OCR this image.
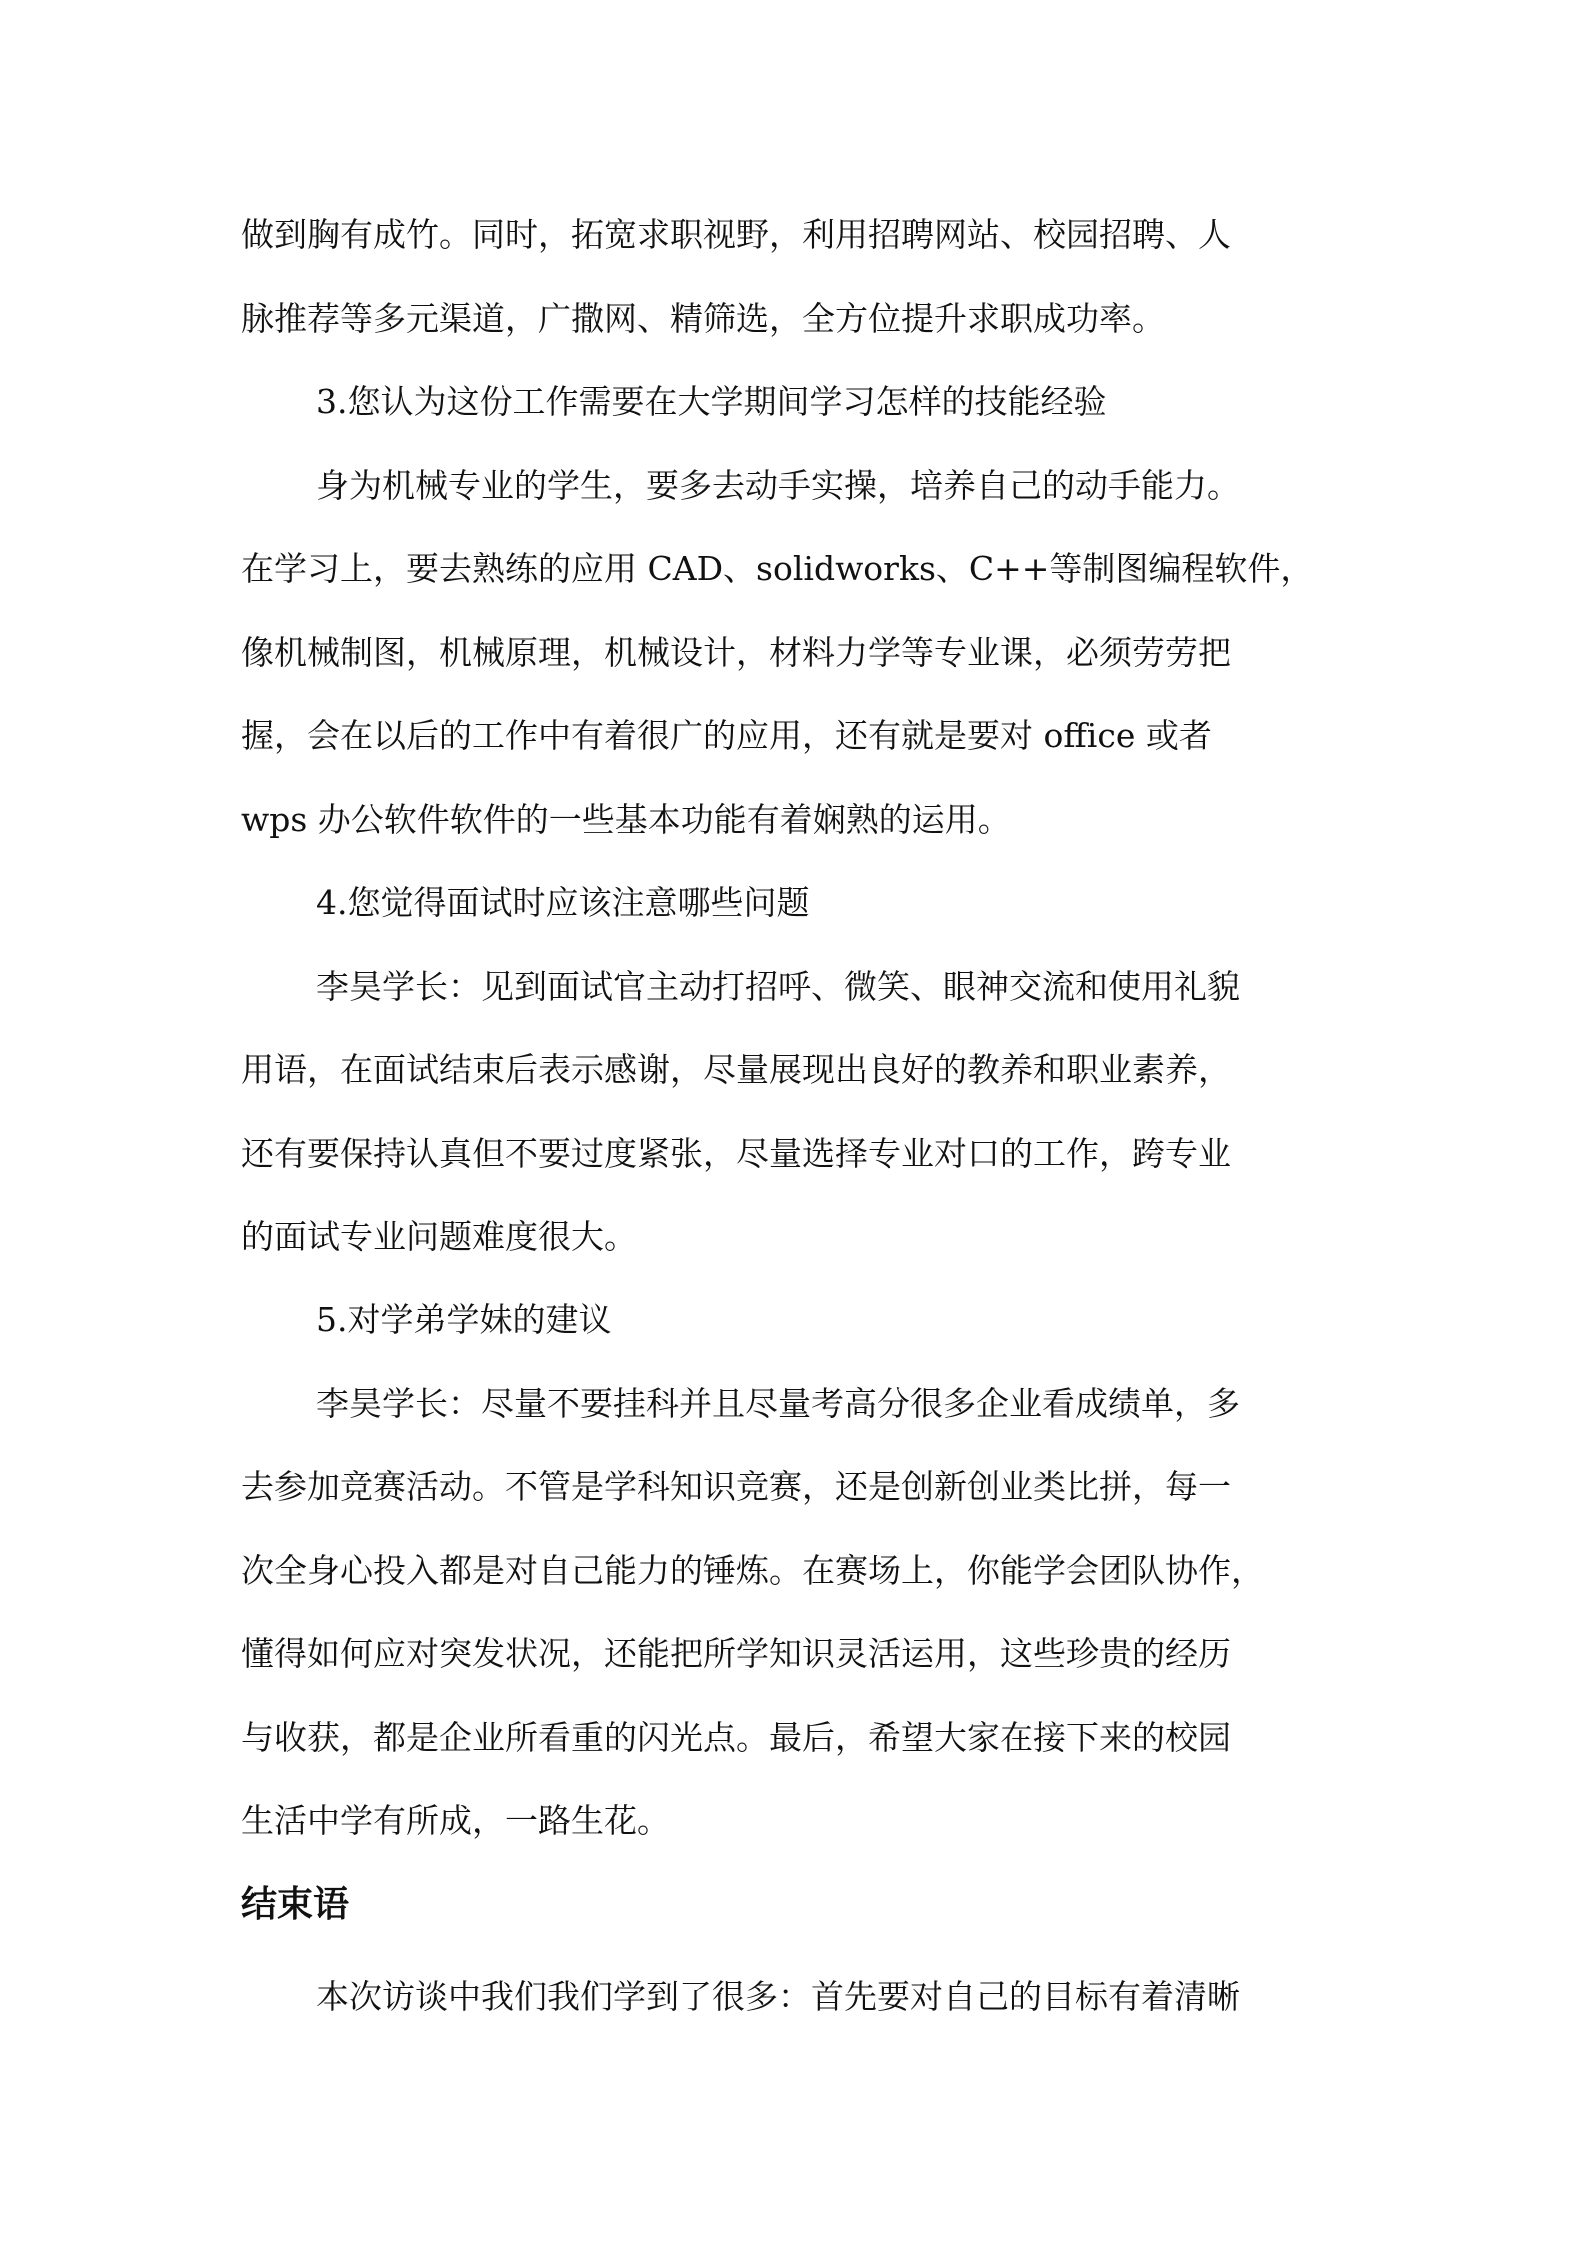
做到胸有成竹。同时，拓宽求职视野，利用招聘网站、校园招聘、人
脉推荐等多元渠道，广撒网、精筛选，全方位提升求职成功率。
3.您认为这份工作需要在大学期间学习怎样的技能经验
身为机械专业的学生，要多去动手实操，培养自己的动手能力。
在学习上，要去熟练的应用 CAD、solidworks、C++等制图编程软件，
像机械制图，机械原理，机械设计，材料力学等专业课，必须劳劳把
握，会在以后的工作中有着很广的应用，还有就是要对 office 或者
wps 办公软件软件的一些基本功能有着娴熟的运用。
4.您觉得面试时应该注意哪些问题
李昊学长：见到面试官主动打招呼、微笑、眼神交流和使用礼貌
用语，在面试结束后表示感谢，尽量展现出良好的教养和职业素养，
还有要保持认真但不要过度紧张，尽量选择专业对口的工作，跨专业
的面试专业问题难度很大。
5.对学弟学妹的建议
李昊学长：尽量不要挂科并且尽量考高分很多企业看成绩单，多
去参加竞赛活动。不管是学科知识竞赛，还是创新创业类比拼，每一
次全身心投入都是对自己能力的锤炼。在赛场上，你能学会团队协作，
懂得如何应对突发状况，还能把所学知识灵活运用，这些珍贵的经历
与收获，都是企业所看重的闪光点。最后，希望大家在接下来的校园
生活中学有所成，一路生花。
结束语
本次访谈中我们我们学到了很多：首先要对自己的目标有着清晰
